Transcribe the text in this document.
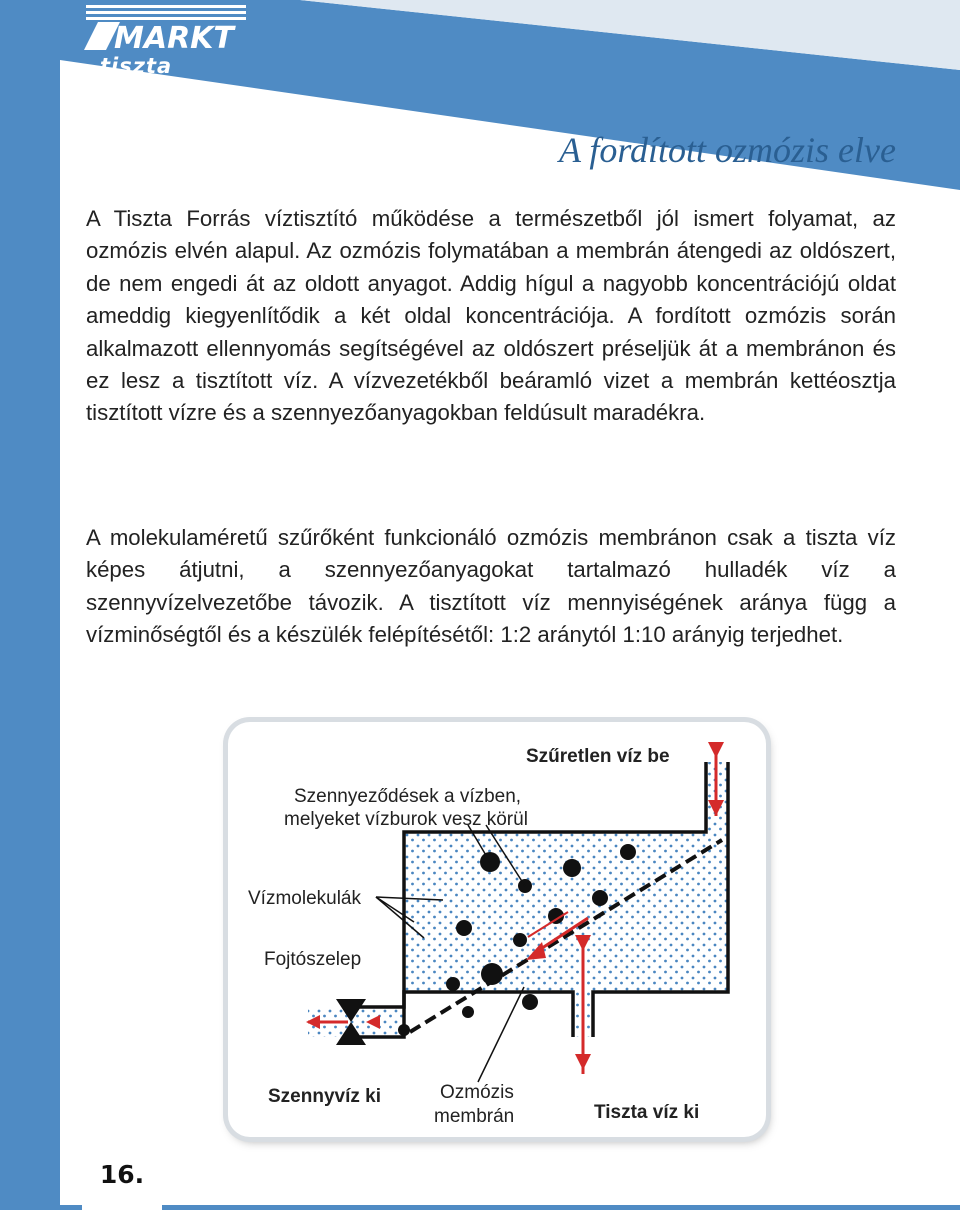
MARKT
tiszta
forrás
A fordított ozmózis elve

A Tiszta Forrás víztisztító működése a természetből jól ismert folyamat, az ozmózis elvén alapul. Az ozmózis folymatában a membrán átengedi az oldószert, de nem engedi át az oldott anyagot. Addig hígul a nagyobb koncentrációjú oldat ameddig kiegyenlítődik a két oldal koncentrációja. A fordított ozmózis során alkalmazott ellennyomás segítségével az oldószert préseljük át a membránon és ez lesz a tisztított víz. A vízvezetékből beáramló vizet a membrán kettéosztja tisztított vízre és a szennyezőanyagokban feldúsult maradékra.

A molekulaméretű szűrőként funkcionáló ozmózis membránon csak a tiszta víz képes átjutni, a szennyezőanyagokat tartalmazó hulladék víz a szennyvízelvezetőbe távozik. A tisztított víz mennyiségének aránya függ a vízminőségtől és a készülék felépítésétől: 1:2 aránytól 1:10 arányig terjedhet.

Szűretlen víz be
Szennyeződések a vízben,
melyeket vízburok vesz körül
Vízmolekulák
Fojtószelep
Szennyvíz ki	Ozmózis
membrán	Tiszta víz ki
16.
